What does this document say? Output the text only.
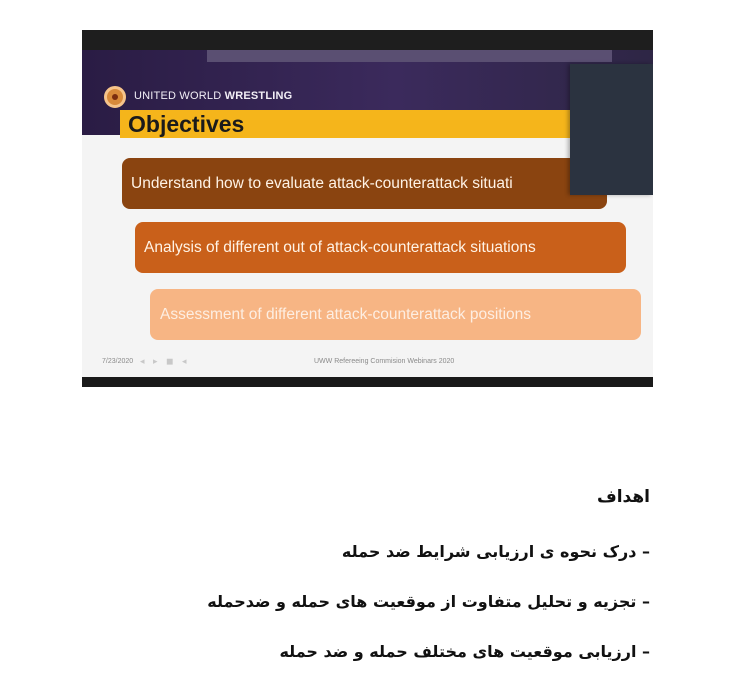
UNITED WORLD WRESTLING
Objectives
Understand how to evaluate attack-counterattack situati
Analysis of different out of attack-counterattack situations
Assessment of different attack-counterattack positions
7/23/2020 ◂ ▸ ◼ ◂	UWW Refereeing Commision Webinars 2020
اهداف
– درک نحوه ی ارزیابی شرایط ضد حمله
– تجزیه و تحلیل متفاوت از موقعیت های حمله و ضدحمله
– ارزیابی موقعیت های مختلف حمله و ضد حمله
